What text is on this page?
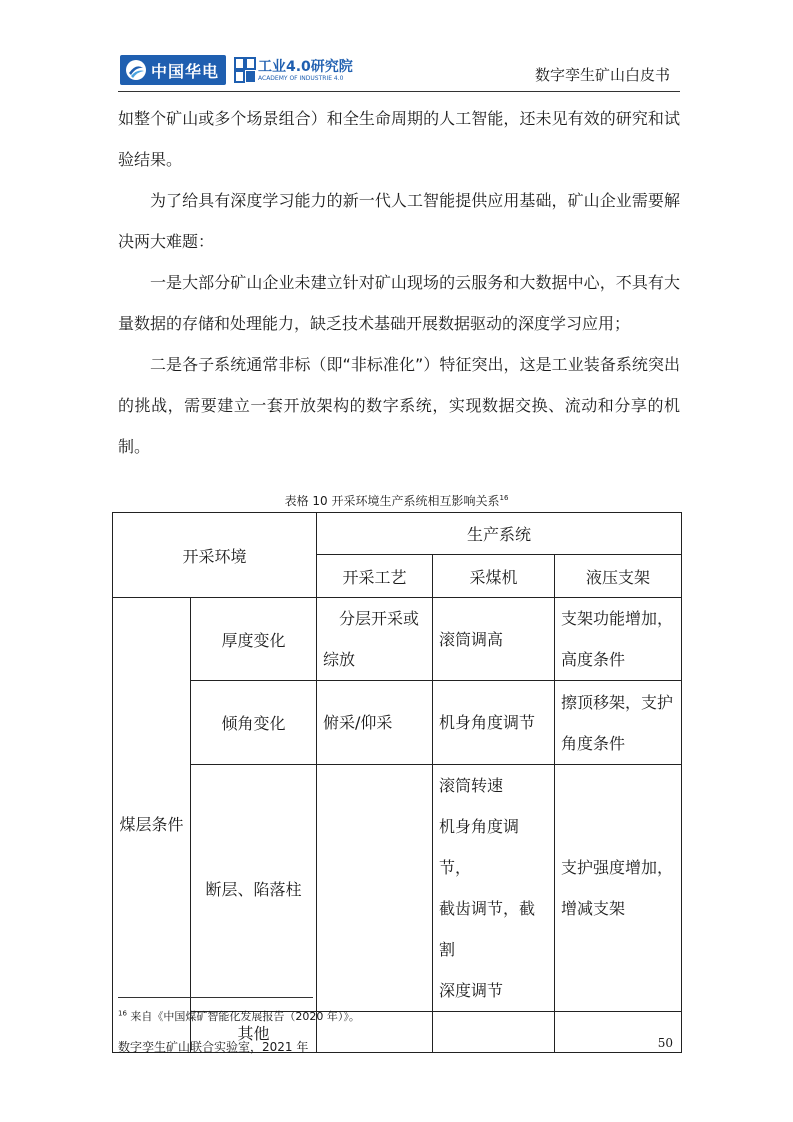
中国华电	工业4.0研究院
ACADEMY OF INDUSTRIE 4.0	数字孪生矿山白皮书

如整个矿山或多个场景组合）和全生命周期的人工智能，还未见有效的研究和试验结果。

为了给具有深度学习能力的新一代人工智能提供应用基础，矿山企业需要解决两大难题：

一是大部分矿山企业未建立针对矿山现场的云服务和大数据中心，不具有大量数据的存储和处理能力，缺乏技术基础开展数据驱动的深度学习应用；

二是各子系统通常非标（即“非标准化”）特征突出，这是工业装备系统突出的挑战，需要建立一套开放架构的数字系统，实现数据交换、流动和分享的机制。

表格 10 开采环境生产系统相互影响关系$^{16}$
开采环境		生产系统		
		开采工艺	采煤机	液压支架

煤层条件	厚度变化	分层开采或综放	滚筒调高	支架功能增加，高度条件

	倾角变化	俯采/仰采	机身角度调节	擦顶移架，支护角度条件

	断层、陷落柱		滚筒转速
机身角度调节，
截齿调节，截割
深度调节	支护强度增加，增减支架

	其他			
$^{16}$ 来自《中国煤矿智能化发展报告（2020 年）》。
数字孪生矿山联合实验室，2021 年	50
